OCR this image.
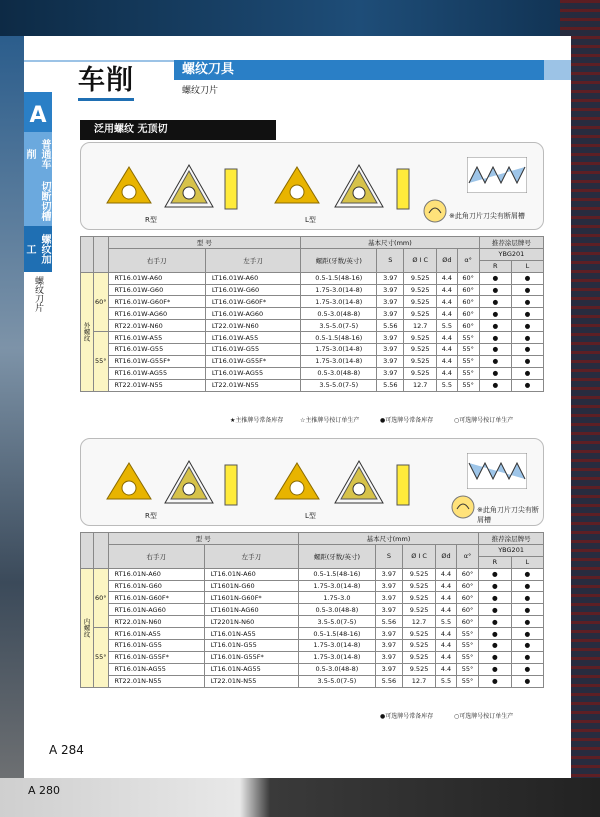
A 280
车削	螺纹刀具
螺纹刀片
A
普通车削
切断切槽
螺纹加工
螺纹刀片
泛用螺纹 无顶切
R型	L型	※此角刀片刀尖有断屑槽
		型 号		基本尺寸(mm)					推荐涂层牌号	
		右手刀	左手刀	螺距(牙数/英寸)	S	Ø I C	Ød	α°	YBG201	
									R	L
外螺纹	60°	RT16.01W-A60	LT16.01W-A60	0.5-1.5(48-16)	3.97	9.525	4.4	60°	●	●
		RT16.01W-G60	LT16.01W-G60	1.75-3.0(14-8)	3.97	9.525	4.4	60°	●	●
		RT16.01W-G60F*	LT16.01W-G60F*	1.75-3.0(14-8)	3.97	9.525	4.4	60°	●	●
		RT16.01W-AG60	LT16.01W-AG60	0.5-3.0(48-8)	3.97	9.525	4.4	60°	●	●
		RT22.01W-N60	LT22.01W-N60	3.5-5.0(7-5)	5.56	12.7	5.5	60°	●	●
	55°	RT16.01W-A55	LT16.01W-A55	0.5-1.5(48-16)	3.97	9.525	4.4	55°	●	●
		RT16.01W-G55	LT16.01W-G55	1.75-3.0(14-8)	3.97	9.525	4.4	55°	●	●
		RT16.01W-G55F*	LT16.01W-G55F*	1.75-3.0(14-8)	3.97	9.525	4.4	55°	●	●
		RT16.01W-AG55	LT16.01W-AG55	0.5-3.0(48-8)	3.97	9.525	4.4	55°	●	●
		RT22.01W-N55	LT22.01W-N55	3.5-5.0(7-5)	5.56	12.7	5.5	55°	●	●
★主推牌号常备库存	☆主推牌号按订单生产	●可选牌号常备库存	○可选牌号按订单生产
R型	L型
※此角刀片刀尖有断屑槽
		型 号		基本尺寸(mm)					推荐涂层牌号	
		右手刀	左手刀	螺距(牙数/英寸)	S	Ø I C	Ød	α°	YBG201	
									R	L
内螺纹	60°	RT16.01N-A60	LT16.01N-A60	0.5-1.5(48-16)	3.97	9.525	4.4	60°	●	●
		RT16.01N-G60	LT1601N-G60	1.75-3.0(14-8)	3.97	9.525	4.4	60°	●	●
		RT16.01N-G60F*	LT1601N-G60F*	1.75-3.0	3.97	9.525	4.4	60°	●	●
		RT16.01N-AG60	LT1601N-AG60	0.5-3.0(48-8)	3.97	9.525	4.4	60°	●	●
		RT22.01N-N60	LT2201N-N60	3.5-5.0(7-5)	5.56	12.7	5.5	60°	●	●
	55°	RT16.01N-A55	LT16.01N-A55	0.5-1.5(48-16)	3.97	9.525	4.4	55°	●	●
		RT16.01N-G55	LT16.01N-G55	1.75-3.0(14-8)	3.97	9.525	4.4	55°	●	●
		RT16.01N-G55F*	LT16.01N-G55F*	1.75-3.0(14-8)	3.97	9.525	4.4	55°	●	●
		RT16.01N-AG55	LT16.01N-AG55	0.5-3.0(48-8)	3.97	9.525	4.4	55°	●	●
		RT22.01N-N55	LT22.01N-N55	3.5-5.0(7-5)	5.56	12.7	5.5	55°	●	●
●可选牌号常备库存	○可选牌号按订单生产
A 284
